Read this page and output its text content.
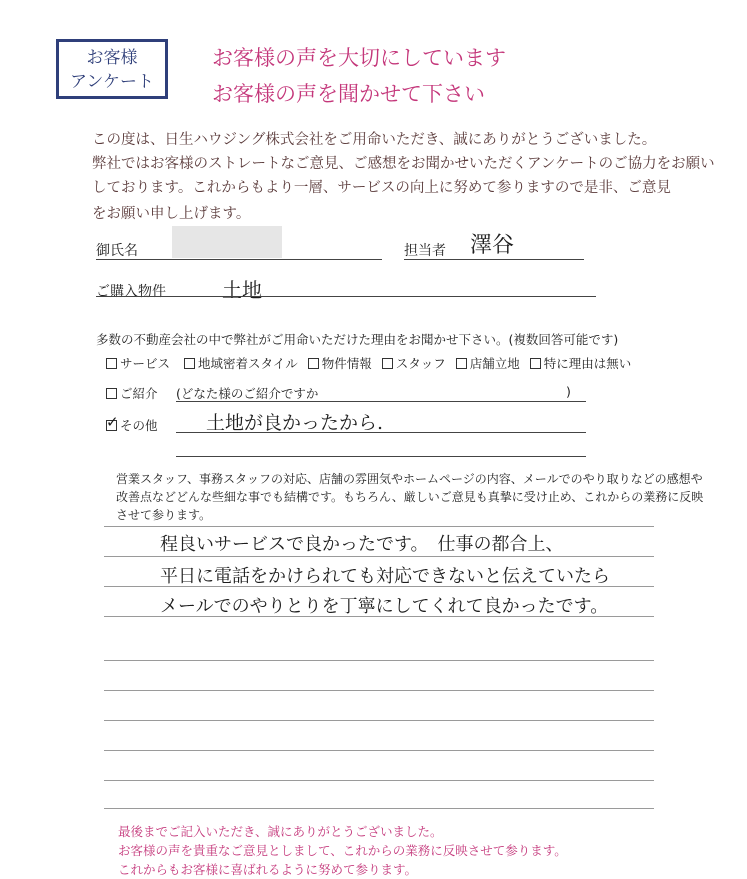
お客様
アンケート
お客様の声を大切にしています
お客様の声を聞かせて下さい
この度は、日生ハウジング株式会社をご用命いただき、誠にありがとうございました。
弊社ではお客様のストレートなご意見、ご感想をお聞かせいただくアンケートのご協力をお願い
しております。これからもより一層、サービスの向上に努めて参りますので是非、ご意見
をお願い申し上げます。
御氏名	担当者 澤谷
ご購入物件	土地
多数の不動産会社の中で弊社がご用命いただけた理由をお聞かせ下さい。(複数回答可能です)
サービス 地域密着スタイル 物件情報 スタッフ 店舗立地 特に理由は無い
ご紹介 (どなた様のご紹介ですか	)
✓ その他	土地が良かったから.
営業スタッフ、事務スタッフの対応、店舗の雰囲気やホームページの内容、メールでのやり取りなどの感想や
改善点などどんな些細な事でも結構です。もちろん、厳しいご意見も真摯に受け止め、これからの業務に反映
させて参ります。
程良いサービスで良かったです。　仕事の都合上、
平日に電話をかけられても対応できないと伝えていたら
メールでのやりとりを丁寧にしてくれて良かったです。
最後までご記入いただき、誠にありがとうございました。
お客様の声を貴重なご意見としまして、これからの業務に反映させて参ります。
これからもお客様に喜ばれるように努めて参ります。
